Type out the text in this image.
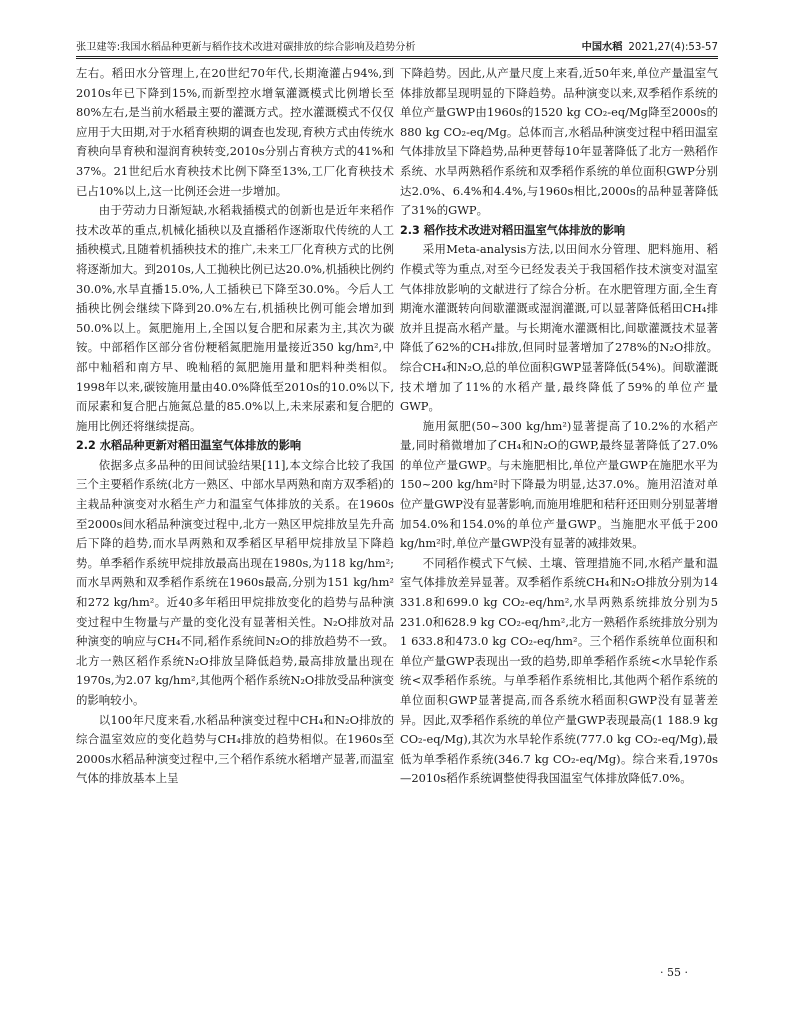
张卫建等:我国水稻品种更新与稻作技术改进对碳排放的综合影响及趋势分析	中国水稻 2021,27(4):53-57

左右。稻田水分管理上,在20世纪70年代,长期淹灌占94%,到2010s年已下降到15%,而新型控水增氧灌溉模式比例增长至80%左右,是当前水稻最主要的灌溉方式。控水灌溉模式不仅仅应用于大田期,对于水稻育秧期的调查也发现,育秧方式由传统水育秧向旱育秧和湿润育秧转变,2010s分别占育秧方式的41%和37%。21世纪后水育秧技术比例下降至13%,工厂化育秧技术已占10%以上,这一比例还会进一步增加。

由于劳动力日渐短缺,水稻栽插模式的创新也是近年来稻作技术改革的重点,机械化插秧以及直播稻作逐渐取代传统的人工插秧模式,且随着机插秧技术的推广,未来工厂化育秧方式的比例将逐渐加大。到2010s,人工抛秧比例已达20.0%,机插秧比例约30.0%,水旱直播15.0%,人工插秧已下降至30.0%。今后人工插秧比例会继续下降到20.0%左右,机插秧比例可能会增加到50.0%以上。氮肥施用上,全国以复合肥和尿素为主,其次为碳铵。中部稻作区部分省份粳稻氮肥施用量接近350 kg/hm²,中部中籼稻和南方早、晚籼稻的氮肥施用量和肥料种类相似。1998年以来,碳铵施用量由40.0%降低至2010s的10.0%以下,而尿素和复合肥占施氮总量的85.0%以上,未来尿素和复合肥的施用比例还将继续提高。

2.2 水稻品种更新对稻田温室气体排放的影响

依据多点多品种的田间试验结果[11],本文综合比较了我国三个主要稻作系统(北方一熟区、中部水旱两熟和南方双季稻)的主栽品种演变对水稻生产力和温室气体排放的关系。在1960s至2000s间水稻品种演变过程中,北方一熟区甲烷排放呈先升高后下降的趋势,而水旱两熟和双季稻区早稻甲烷排放呈下降趋势。单季稻作系统甲烷排放最高出现在1980s,为118 kg/hm²;而水旱两熟和双季稻作系统在1960s最高,分别为151 kg/hm²和272 kg/hm²。近40多年稻田甲烷排放变化的趋势与品种演变过程中生物量与产量的变化没有显著相关性。N₂O排放对品种演变的响应与CH₄不同,稻作系统间N₂O的排放趋势不一致。北方一熟区稻作系统N₂O排放呈降低趋势,最高排放量出现在1970s,为2.07 kg/hm²,其他两个稻作系统N₂O排放受品种演变的影响较小。

以100年尺度来看,水稻品种演变过程中CH₄和N₂O排放的综合温室效应的变化趋势与CH₄排放的趋势相似。在1960s至2000s水稻品种演变过程中,三个稻作系统水稻增产显著,而温室气体的排放基本上呈

下降趋势。因此,从产量尺度上来看,近50年来,单位产量温室气体排放都呈现明显的下降趋势。品种演变以来,双季稻作系统的单位产量GWP由1960s的1520 kg CO₂-eq/Mg降至2000s的880 kg CO₂-eq/Mg。总体而言,水稻品种演变过程中稻田温室气体排放呈下降趋势,品种更替每10年显著降低了北方一熟稻作系统、水旱两熟稻作系统和双季稻作系统的单位面积GWP分别达2.0%、6.4%和4.4%,与1960s相比,2000s的品种显著降低了31%的GWP。

2.3 稻作技术改进对稻田温室气体排放的影响

采用Meta-analysis方法,以田间水分管理、肥料施用、稻作模式等为重点,对至今已经发表关于我国稻作技术演变对温室气体排放影响的文献进行了综合分析。在水肥管理方面,全生育期淹水灌溉转向间歇灌溉或湿润灌溉,可以显著降低稻田CH₄排放并且提高水稻产量。与长期淹水灌溉相比,间歇灌溉技术显著降低了62%的CH₄排放,但同时显著增加了278%的N₂O排放。综合CH₄和N₂O,总的单位面积GWP显著降低(54%)。间歇灌溉技术增加了11%的水稻产量,最终降低了59%的单位产量GWP。

施用氮肥(50~300 kg/hm²)显著提高了10.2%的水稻产量,同时稍微增加了CH₄和N₂O的GWP,最终显著降低了27.0%的单位产量GWP。与未施肥相比,单位产量GWP在施肥水平为150~200 kg/hm²时下降最为明显,达37.0%。施用沼渣对单位产量GWP没有显著影响,而施用堆肥和秸秆还田则分别显著增加54.0%和154.0%的单位产量GWP。当施肥水平低于200 kg/hm²时,单位产量GWP没有显著的减排效果。

不同稻作模式下气候、土壤、管理措施不同,水稻产量和温室气体排放差异显著。双季稻作系统CH₄和N₂O排放分别为14 331.8和699.0 kg CO₂-eq/hm²,水旱两熟系统排放分别为5 231.0和628.9 kg CO₂-eq/hm²,北方一熟稻作系统排放分别为1 633.8和473.0 kg CO₂-eq/hm²。三个稻作系统单位面积和单位产量GWP表现出一致的趋势,即单季稻作系统<水旱轮作系统<双季稻作系统。与单季稻作系统相比,其他两个稻作系统的单位面积GWP显著提高,而各系统水稻面积GWP没有显著差异。因此,双季稻作系统的单位产量GWP表现最高(1 188.9 kg CO₂-eq/Mg),其次为水旱轮作系统(777.0 kg CO₂-eq/Mg),最低为单季稻作系统(346.7 kg CO₂-eq/Mg)。综合来看,1970s—2010s稻作系统调整使得我国温室气体排放降低7.0%。

· 55 ·
